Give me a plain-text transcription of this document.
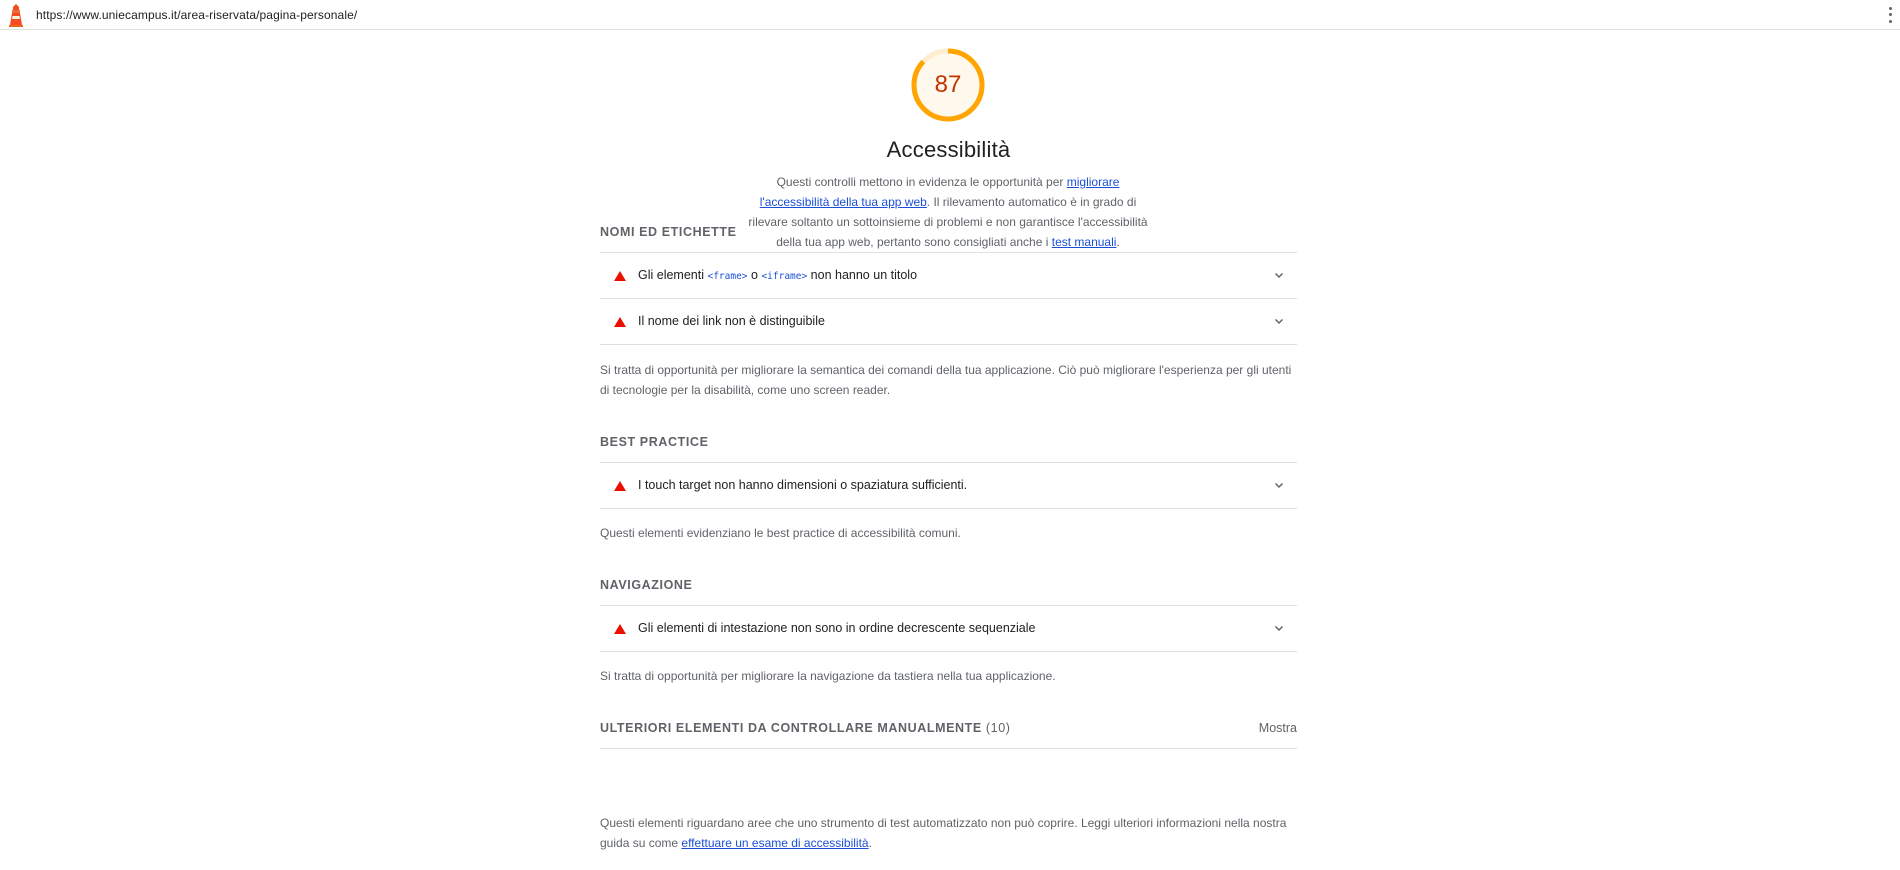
https://www.uniecampus.it/area-riservata/pagina-personale/
87
Accessibilità
Questi controlli mettono in evidenza le opportunità per migliorare l'accessibilità della tua app web. Il rilevamento automatico è in grado di rilevare soltanto un sottoinsieme di problemi e non garantisce l'accessibilità della tua app web, pertanto sono consigliati anche i test manuali.
NOMI ED ETICHETTE
Gli elementi <frame> o <iframe> non hanno un titolo
Il nome dei link non è distinguibile
Si tratta di opportunità per migliorare la semantica dei comandi della tua applicazione. Ciò può migliorare l'esperienza per gli utenti di tecnologie per la disabilità, come uno screen reader.
BEST PRACTICE
I touch target non hanno dimensioni o spaziatura sufficienti.
Questi elementi evidenziano le best practice di accessibilità comuni.
NAVIGAZIONE
Gli elementi di intestazione non sono in ordine decrescente sequenziale
Si tratta di opportunità per migliorare la navigazione da tastiera nella tua applicazione.
ULTERIORI ELEMENTI DA CONTROLLARE MANUALMENTE (10)	Mostra
Questi elementi riguardano aree che uno strumento di test automatizzato non può coprire. Leggi ulteriori informazioni nella nostra guida su come effettuare un esame di accessibilità.
